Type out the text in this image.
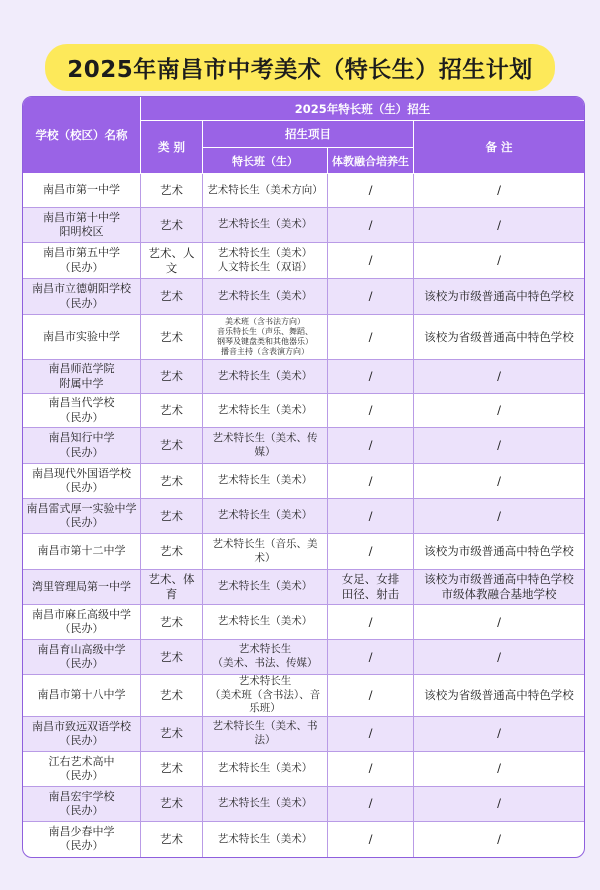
2025年南昌市中考美术（特长生）招生计划
学校（校区）名称	2025年特长班（生）招生			
	类 别	招生项目		备 注
		特长班（生）	体教融合培养生	

南昌市第一中学	艺术	艺术特长生（美术方向）	/	/

南昌市第十中学
阳明校区	艺术	艺术特长生（美术）	/	/

南昌市第五中学
（民办）	艺术、人文	艺术特长生（美术）
人文特长生（双语）	/	/

南昌市立德朝阳学校
（民办）	艺术	艺术特长生（美术）	/	该校为市级普通高中特色学校

南昌市实验中学	艺术	美术班（含书法方向）
音乐特长生（声乐、舞蹈、
钢琴及键盘类和其他器乐）
播音主持（含表演方向）	/	该校为省级普通高中特色学校

南昌师范学院
附属中学	艺术	艺术特长生（美术）	/	/

南昌当代学校
（民办）	艺术	艺术特长生（美术）	/	/

南昌知行中学
（民办）	艺术	艺术特长生（美术、传媒）	/	/

南昌现代外国语学校
（民办）	艺术	艺术特长生（美术）	/	/

南昌雷式厚一实验中学
（民办）	艺术	艺术特长生（美术）	/	/

南昌市第十二中学	艺术	艺术特长生（音乐、美术）	/	该校为市级普通高中特色学校

湾里管理局第一中学	艺术、体育	艺术特长生（美术）	女足、女排
田径、射击	该校为市级普通高中特色学校
市级体教融合基地学校

南昌市麻丘高级中学
（民办）	艺术	艺术特长生（美术）	/	/

南昌育山高级中学
（民办）	艺术	艺术特长生
（美术、书法、传媒）	/	/

南昌市第十八中学	艺术	艺术特长生
（美术班（含书法）、音乐班）	/	该校为省级普通高中特色学校

南昌市致远双语学校
（民办）	艺术	艺术特长生（美术、书法）	/	/

江右艺术高中
（民办）	艺术	艺术特长生（美术）	/	/

南昌宏宇学校
（民办）	艺术	艺术特长生（美术）	/	/

南昌少春中学
（民办）	艺术	艺术特长生（美术）	/	/
